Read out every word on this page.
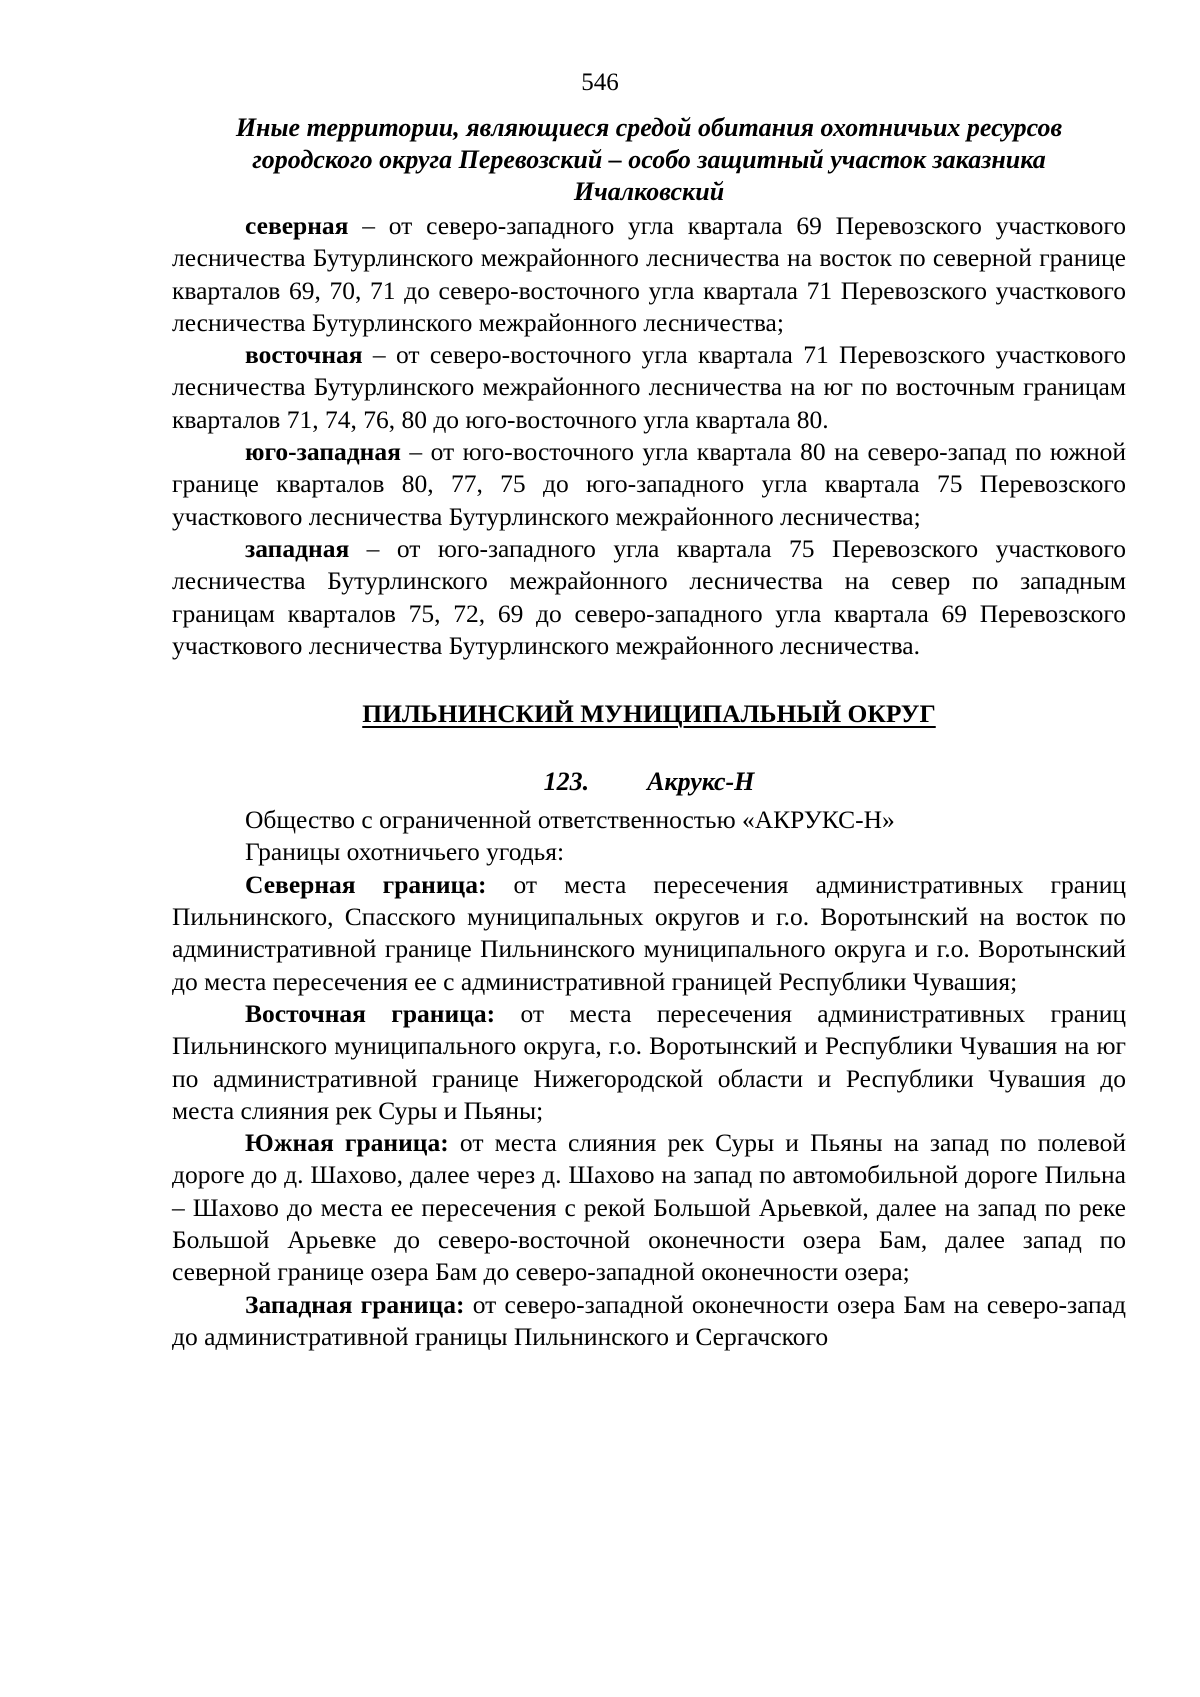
546
Иные территории, являющиеся средой обитания охотничьих ресурсов
городского округа Перевозский – особо защитный участок заказника
Ичалковский

северная – от северо-западного угла квартала 69 Перевозского участкового лесничества Бутурлинского межрайонного лесничества на восток по северной границе кварталов 69, 70, 71 до северо-восточного угла квартала 71 Перевозского участкового лесничества Бутурлинского межрайонного лесничества;

восточная – от северо-восточного угла квартала 71 Перевозского участкового лесничества Бутурлинского межрайонного лесничества на юг по восточным границам кварталов 71, 74, 76, 80 до юго-восточного угла квартала 80.

юго-западная – от юго-восточного угла квартала 80 на северо-запад по южной границе кварталов 80, 77, 75 до юго-западного угла квартала 75 Перевозского участкового лесничества Бутурлинского межрайонного лесничества;

западная – от юго-западного угла квартала 75 Перевозского участкового лесничества Бутурлинского межрайонного лесничества на север по западным границам кварталов 75, 72, 69 до северо-западного угла квартала 69 Перевозского участкового лесничества Бутурлинского межрайонного лесничества.

ПИЛЬНИНСКИЙ МУНИЦИПАЛЬНЫЙ ОКРУГ
123. Акрукс-Н

Общество с ограниченной ответственностью «АКРУКС-Н»

Границы охотничьего угодья:

Северная граница: от места пересечения административных границ Пильнинского, Спасского муниципальных округов и г.о. Воротынский на восток по административной границе Пильнинского муниципального округа и г.о. Воротынский до места пересечения ее с административной границей Республики Чувашия;

Восточная граница: от места пересечения административных границ Пильнинского муниципального округа, г.о. Воротынский и Республики Чувашия на юг по административной границе Нижегородской области и Республики Чувашия до места слияния рек Суры и Пьяны;

Южная граница: от места слияния рек Суры и Пьяны на запад по полевой дороге до д. Шахово, далее через д. Шахово на запад по автомобильной дороге Пильна – Шахово до места ее пересечения с рекой Большой Арьевкой, далее на запад по реке Большой Арьевке до северо-восточной оконечности озера Бам, далее запад по северной границе озера Бам до северо-западной оконечности озера;

Западная граница: от северо-западной оконечности озера Бам на северо-запад до административной границы Пильнинского и Сергачского
